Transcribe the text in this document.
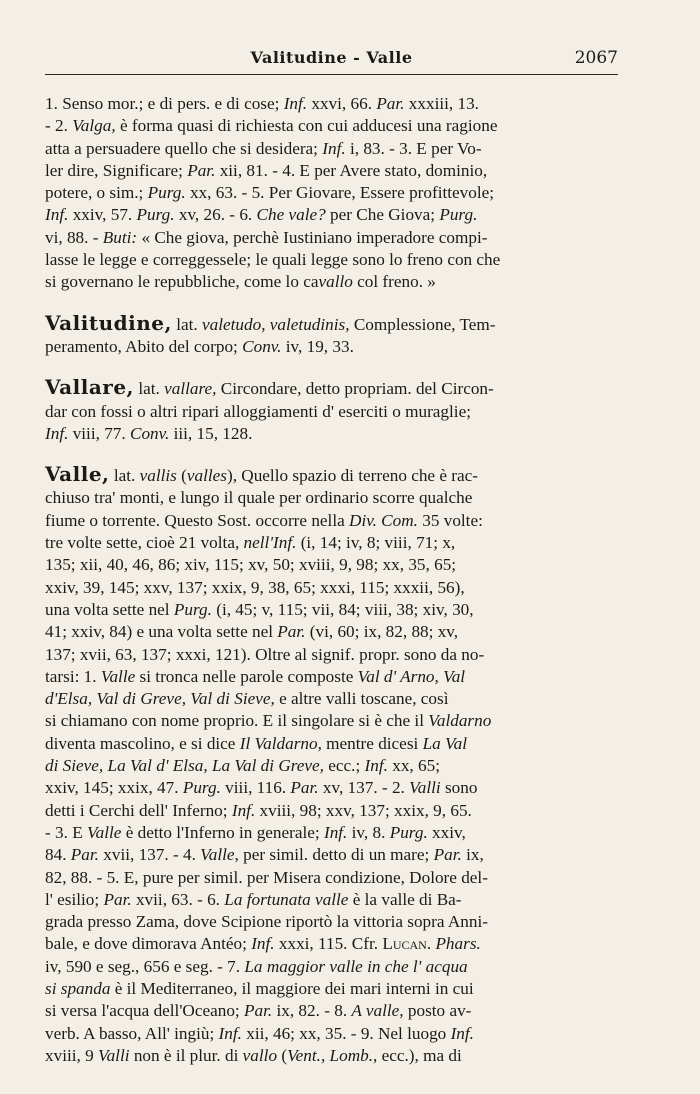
Valitudine - Valle	2067

1. Senso mor.; e di pers. e di cose; Inf. xxvi, 66. Par. xxxiii, 13.
- 2. Valga, è forma quasi di richiesta con cui adducesi una ragione
atta a persuadere quello che si desidera; Inf. i, 83. - 3. E per Vo-
ler dire, Significare; Par. xii, 81. - 4. E per Avere stato, dominio,
potere, o sim.; Purg. xx, 63. - 5. Per Giovare, Essere profittevole;
Inf. xxiv, 57. Purg. xv, 26. - 6. Che vale? per Che Giova; Purg.
vi, 88. - Buti: « Che giova, perchè Iustiniano imperadore compi-
lasse le legge e correggessele; le quali legge sono lo freno con che
si governano le repubbliche, come lo cavallo col freno. »

Valitudine, lat. valetudo, valetudinis, Complessione, Tem-
peramento, Abito del corpo; Conv. iv, 19, 33.

Vallare, lat. vallare, Circondare, detto propriam. del Circon-
dar con fossi o altri ripari alloggiamenti d' eserciti o muraglie;
Inf. viii, 77. Conv. iii, 15, 128.

Valle, lat. vallis (valles), Quello spazio di terreno che è rac-
chiuso tra' monti, e lungo il quale per ordinario scorre qualche
fiume o torrente. Questo Sost. occorre nella Div. Com. 35 volte:
tre volte sette, cioè 21 volta, nell'Inf. (i, 14; iv, 8; viii, 71; x,
135; xii, 40, 46, 86; xiv, 115; xv, 50; xviii, 9, 98; xx, 35, 65;
xxiv, 39, 145; xxv, 137; xxix, 9, 38, 65; xxxi, 115; xxxii, 56),
una volta sette nel Purg. (i, 45; v, 115; vii, 84; viii, 38; xiv, 30,
41; xxiv, 84) e una volta sette nel Par. (vi, 60; ix, 82, 88; xv,
137; xvii, 63, 137; xxxi, 121). Oltre al signif. propr. sono da no-
tarsi: 1. Valle si tronca nelle parole composte Val d' Arno, Val
d'Elsa, Val di Greve, Val di Sieve, e altre valli toscane, così
si chiamano con nome proprio. E il singolare si è che il Valdarno
diventa mascolino, e si dice Il Valdarno, mentre dicesi La Val
di Sieve, La Val d' Elsa, La Val di Greve, ecc.; Inf. xx, 65;
xxiv, 145; xxix, 47. Purg. viii, 116. Par. xv, 137. - 2. Valli sono
detti i Cerchi dell' Inferno; Inf. xviii, 98; xxv, 137; xxix, 9, 65.
- 3. E Valle è detto l'Inferno in generale; Inf. iv, 8. Purg. xxiv,
84. Par. xvii, 137. - 4. Valle, per simil. detto di un mare; Par. ix,
82, 88. - 5. E, pure per simil. per Misera condizione, Dolore del-
l' esilio; Par. xvii, 63. - 6. La fortunata valle è la valle di Ba-
grada presso Zama, dove Scipione riportò la vittoria sopra Anni-
bale, e dove dimorava Antéo; Inf. xxxi, 115. Cfr. Lucan. Phars.
iv, 590 e seg., 656 e seg. - 7. La maggior valle in che l' acqua
si spanda è il Mediterraneo, il maggiore dei mari interni in cui
si versa l'acqua dell'Oceano; Par. ix, 82. - 8. A valle, posto av-
verb. A basso, All' ingiù; Inf. xii, 46; xx, 35. - 9. Nel luogo Inf.
xviii, 9 Valli non è il plur. di vallo (Vent., Lomb., ecc.), ma di
